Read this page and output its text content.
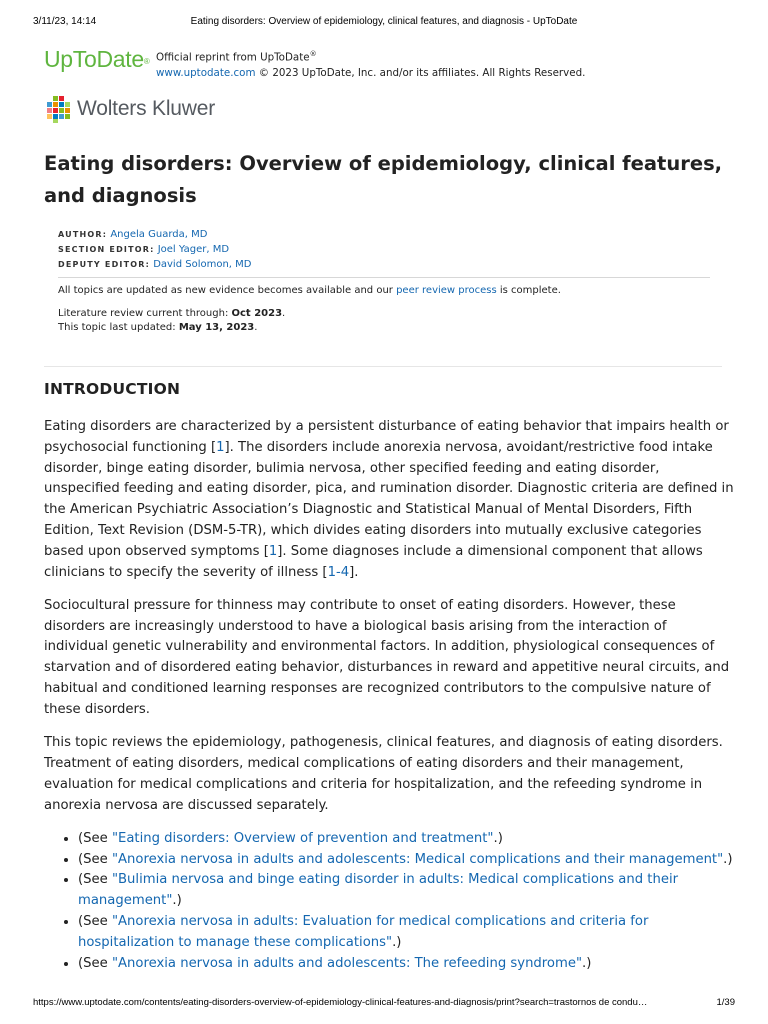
3/11/23, 14:14	Eating disorders: Overview of epidemiology, clinical features, and diagnosis - UpToDate
UpToDate® Official reprint from UpToDate®
www.uptodate.com © 2023 UpToDate, Inc. and/or its affiliates. All Rights Reserved.
Wolters Kluwer
Eating disorders: Overview of epidemiology, clinical features, and diagnosis
AUTHOR: Angela Guarda, MD
SECTION EDITOR: Joel Yager, MD
DEPUTY EDITOR: David Solomon, MD
All topics are updated as new evidence becomes available and our peer review process is complete.
Literature review current through: Oct 2023.
This topic last updated: May 13, 2023.
INTRODUCTION

Eating disorders are characterized by a persistent disturbance of eating behavior that impairs health or psychosocial functioning [1]. The disorders include anorexia nervosa, avoidant/restrictive food intake disorder, binge eating disorder, bulimia nervosa, other specified feeding and eating disorder, unspecified feeding and eating disorder, pica, and rumination disorder. Diagnostic criteria are defined in the American Psychiatric Association’s Diagnostic and Statistical Manual of Mental Disorders, Fifth Edition, Text Revision (DSM-5-TR), which divides eating disorders into mutually exclusive categories based upon observed symptoms [1]. Some diagnoses include a dimensional component that allows clinicians to specify the severity of illness [1-4].

Sociocultural pressure for thinness may contribute to onset of eating disorders. However, these disorders are increasingly understood to have a biological basis arising from the interaction of individual genetic vulnerability and environmental factors. In addition, physiological consequences of starvation and of disordered eating behavior, disturbances in reward and appetitive neural circuits, and habitual and conditioned learning responses are recognized contributors to the compulsive nature of these disorders.

This topic reviews the epidemiology, pathogenesis, clinical features, and diagnosis of eating disorders. Treatment of eating disorders, medical complications of eating disorders and their management, evaluation for medical complications and criteria for hospitalization, and the refeeding syndrome in anorexia nervosa are discussed separately.

• (See "Eating disorders: Overview of prevention and treatment".)
• (See "Anorexia nervosa in adults and adolescents: Medical complications and their management".)
• (See "Bulimia nervosa and binge eating disorder in adults: Medical complications and their management".)
• (See "Anorexia nervosa in adults: Evaluation for medical complications and criteria for hospitalization to manage these complications".)
• (See "Anorexia nervosa in adults and adolescents: The refeeding syndrome".)
https://www.uptodate.com/contents/eating-disorders-overview-of-epidemiology-clinical-features-and-diagnosis/print?search=trastornos de condu…	1/39
